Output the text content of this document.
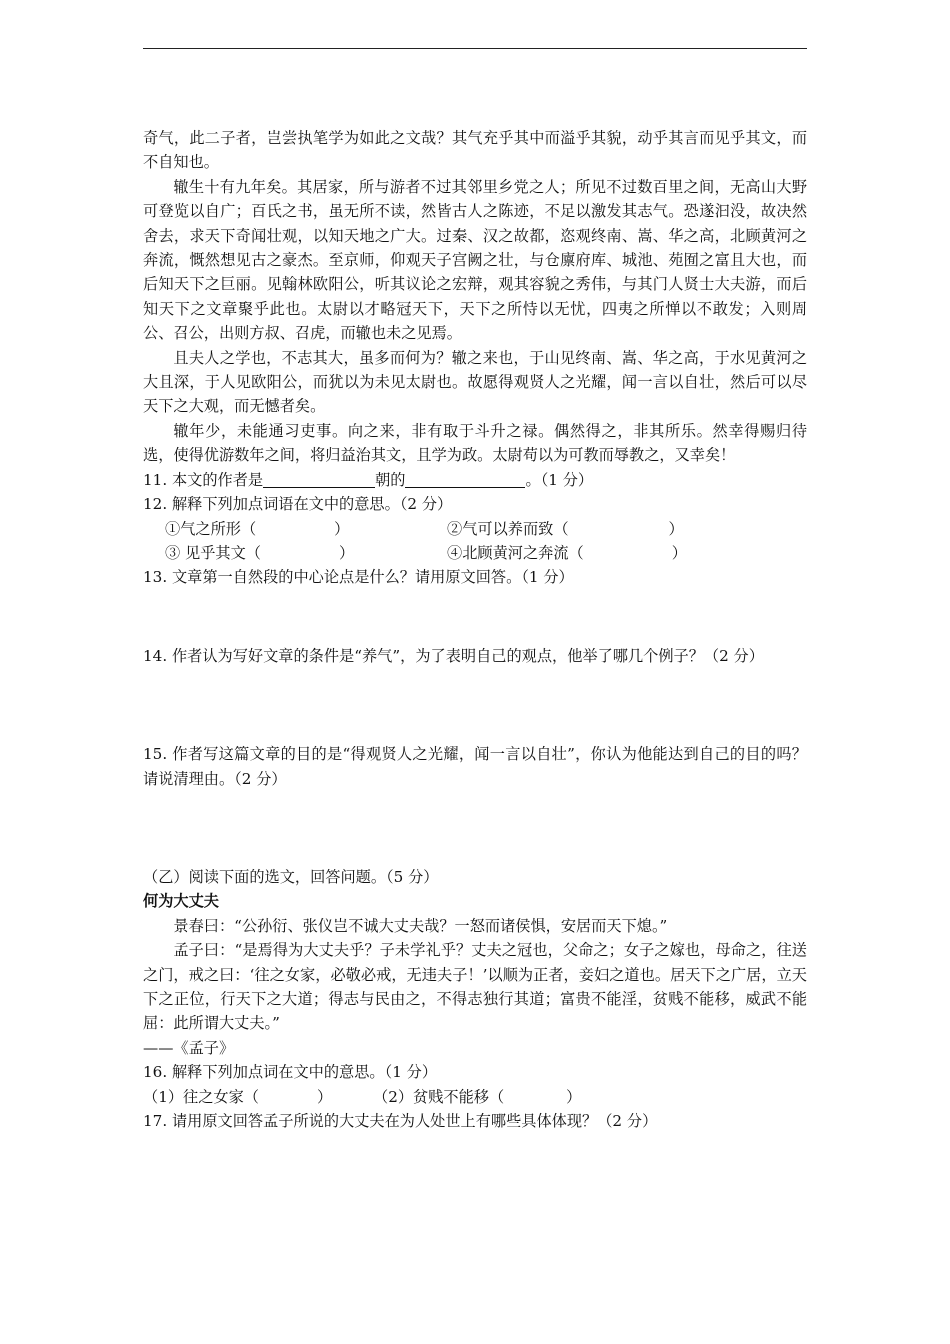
奇气，此二子者，岂尝执笔学为如此之文哉？其气充乎其中而溢乎其貌，动乎其言而见乎其文，而不自知也。

辙生十有九年矣。其居家，所与游者不过其邻里乡党之人；所见不过数百里之间，无高山大野可登览以自广；百氏之书，虽无所不读，然皆古人之陈迹，不足以激发其志气。恐遂汩没，故决然舍去，求天下奇闻壮观，以知天地之广大。过秦、汉之故都，恣观终南、嵩、华之高，北顾黄河之奔流，慨然想见古之豪杰。至京师，仰观天子宫阙之壮，与仓廪府库、城池、苑囿之富且大也，而后知天下之巨丽。见翰林欧阳公，听其议论之宏辩，观其容貌之秀伟，与其门人贤士大夫游，而后知天下之文章聚乎此也。太尉以才略冠天下，天下之所恃以无忧，四夷之所惮以不敢发；入则周公、召公，出则方叔、召虎，而辙也未之见焉。

且夫人之学也，不志其大，虽多而何为？辙之来也，于山见终南、嵩、华之高，于水见黄河之大且深，于人见欧阳公，而犹以为未见太尉也。故愿得观贤人之光耀，闻一言以自壮，然后可以尽天下之大观，而无憾者矣。

辙年少，未能通习吏事。向之来，非有取于斗升之禄。偶然得之，非其所乐。然幸得赐归待选，使得优游数年之间，将归益治其文，且学为政。太尉苟以为可教而辱教之，又幸矣！

11. 本文的作者是	朝的	。（1 分）

12. 解释下列加点词语在文中的意思。（2 分）

①气之所形（	）	②气可以养而致（	）
③ 见乎其文（	）	④北顾黄河之奔流（	）

13. 文章第一自然段的中心论点是什么？请用原文回答。（1 分）

14. 作者认为写好文章的条件是“养气”，为了表明自己的观点，他举了哪几个例子？（2 分）

15. 作者写这篇文章的目的是“得观贤人之光耀，闻一言以自壮”，你认为他能达到自己的目的吗？请说清理由。（2 分）

（乙）阅读下面的选文，回答问题。（5 分）

何为大丈夫

景春曰：“公孙衍、张仪岂不诚大丈夫哉？一怒而诸侯惧，安居而天下熄。”

孟子曰：“是焉得为大丈夫乎？子未学礼乎？丈夫之冠也，父命之；女子之嫁也，母命之，往送之门，戒之曰：‘往之女家，必敬必戒，无违夫子！’以顺为正者，妾妇之道也。居天下之广居，立天下之正位，行天下之大道；得志与民由之，不得志独行其道；富贵不能淫，贫贱不能移，威武不能屈：此所谓大丈夫。”

——《孟子》

16. 解释下列加点词在文中的意思。（1 分）

（1）往之女家（	）	（2）贫贱不能移（	）

17. 请用原文回答孟子所说的大丈夫在为人处世上有哪些具体体现？（2 分）
